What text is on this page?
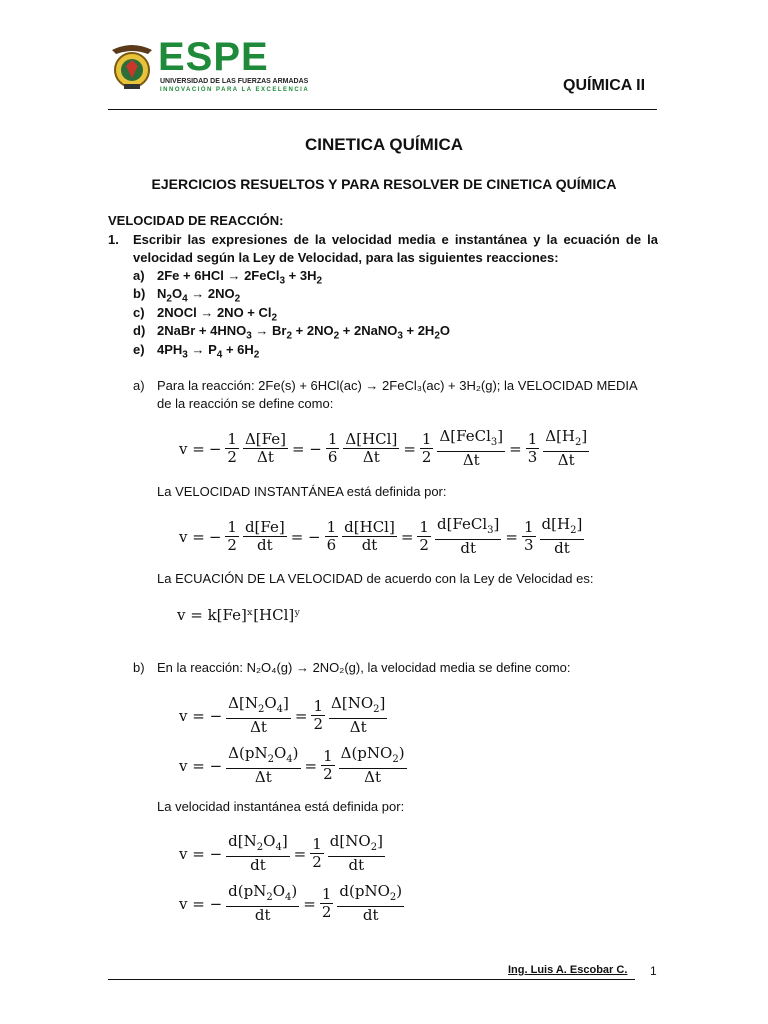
ESPE
UNIVERSIDAD DE LAS FUERZAS ARMADAS
INNOVACIÓN PARA LA EXCELENCIA	QUÍMICA II
CINETICA QUÍMICA
EJERCICIOS RESUELTOS Y PARA RESOLVER DE CINETICA QUÍMICA
VELOCIDAD DE REACCIÓN:
1. Escribir las expresiones de la velocidad media e instantánea y la ecuación de la
velocidad según la Ley de Velocidad, para las siguientes reacciones:
a) 2Fe + 6HCl → 2FeCl$_3$ + $3H_2$
b) $N_2O_4 \to 2NO_2$
c) 2NOCl → $2NO + Cl_2$
d) 2NaBr + $4HNO_3 \to Br_2 + 2NO_2$ + 2NaNO$_3$ + $2H_2O$
e) $4PH_3 \to P_4 + 6H_2$
a) Para la reacción: 2Fe(s) + 6HCl(ac) → 2FeCl₃(ac) + 3H₂(g); la VELOCIDAD MEDIA
de la reacción se define como:
v = − $\frac{1}{2} \frac{\Delta[Fe]}{\Delta t}$ = − $\frac{1}{6} \frac{\text{Δ[HCl]}}{\Delta t} = \frac{1}{2} \frac{\Delta[FeCl_3]}{\Delta t} = \frac{1}{3} \frac{\Delta[H_2]}{\Delta t}$
La VELOCIDAD INSTANTÁNEA está definida por:
v = − $\frac{1}{2} \frac{d[Fe]}{dt}$ = − $\frac{1}{6} \frac{\text{d[HCl]}}{dt} = \frac{1}{2} \frac{d[FeCl_3]}{dt} = \frac{1}{3} \frac{d[H_2]}{dt}$
La ECUACIÓN DE LA VELOCIDAD de acuerdo con la Ley de Velocidad es:
v = k[Fe]ˣ[HCl]ʸ
b) En la reacción: N₂O₄(g) → 2NO₂(g), la velocidad media se define como:
v = − $\frac{\Delta[N_2O_4]}{\Delta t} = \frac{1}{2} \frac{\Delta[NO_2]}{\Delta t}$
v = − $\frac{\Delta(pN_2O_4)}{\Delta t} = \frac{1}{2} \frac{\Delta(pNO_2)}{\Delta t}$
La velocidad instantánea está definida por:
v = − $\frac{d[N_2O_4]}{dt} = \frac{1}{2} \frac{d[NO_2]}{dt}$
v = − $\frac{d(pN_2O_4)}{dt} = \frac{1}{2} \frac{d(pNO_2)}{dt}$
Ing. Luis A. Escobar C. 1
